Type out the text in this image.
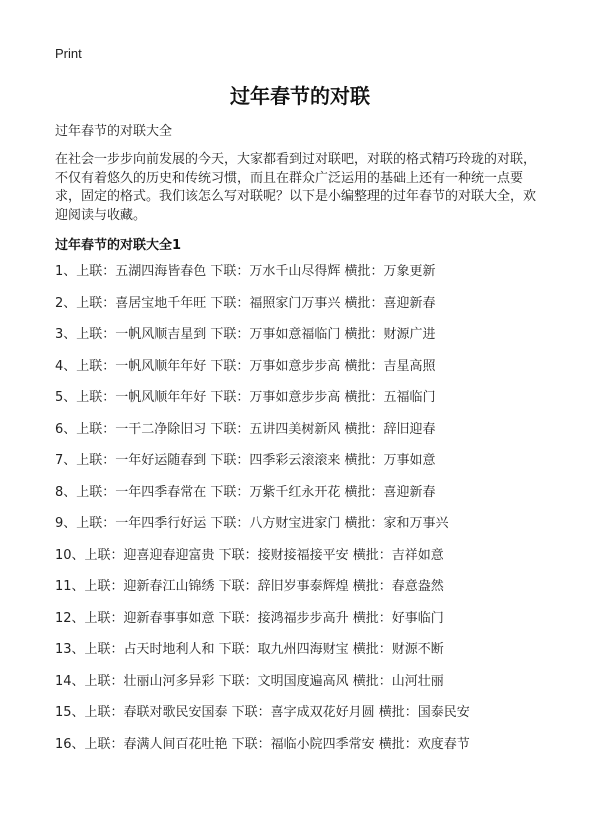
Print
过年春节的对联
过年春节的对联大全

在社会一步步向前发展的今天，大家都看到过对联吧，对联的格式精巧玲珑的对联，不仅有着悠久的历史和传统习惯，而且在群众广泛运用的基础上还有一种统一点要求，固定的格式。我们该怎么写对联呢？以下是小编整理的过年春节的对联大全，欢迎阅读与收藏。

过年春节的对联大全1
1、上联：五湖四海皆春色 下联：万水千山尽得辉 横批：万象更新
2、上联：喜居宝地千年旺 下联：福照家门万事兴 横批：喜迎新春
3、上联：一帆风顺吉星到 下联：万事如意福临门 横批：财源广进
4、上联：一帆风顺年年好 下联：万事如意步步高 横批：吉星高照
5、上联：一帆风顺年年好 下联：万事如意步步高 横批：五福临门
6、上联：一干二净除旧习 下联：五讲四美树新风 横批：辞旧迎春
7、上联：一年好运随春到 下联：四季彩云滚滚来 横批：万事如意
8、上联：一年四季春常在 下联：万紫千红永开花 横批：喜迎新春
9、上联：一年四季行好运 下联：八方财宝进家门 横批：家和万事兴
10、上联：迎喜迎春迎富贵 下联：接财接福接平安 横批：吉祥如意
11、上联：迎新春江山锦绣 下联：辞旧岁事泰辉煌 横批：春意盎然
12、上联：迎新春事事如意 下联：接鸿福步步高升 横批：好事临门
13、上联：占天时地利人和 下联：取九州四海财宝 横批：财源不断
14、上联：壮丽山河多异彩 下联：文明国度遍高风 横批：山河壮丽
15、上联：春联对歌民安国泰 下联：喜字成双花好月圆 横批：国泰民安
16、上联：春满人间百花吐艳 下联：福临小院四季常安 横批：欢度春节
